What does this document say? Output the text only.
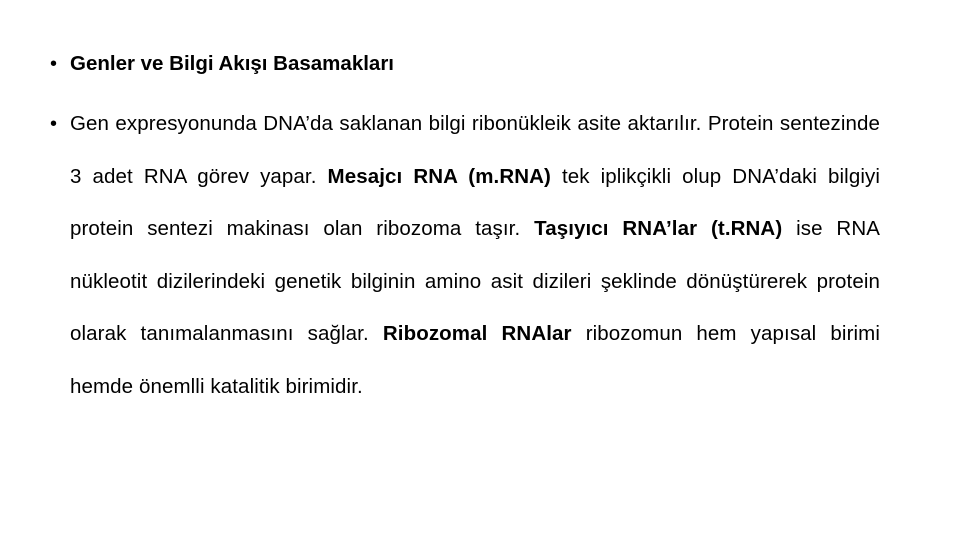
• Genler ve Bilgi Akışı Basamakları
• Gen expresyonunda DNA’da saklanan bilgi ribonükleik asite aktarılır. Protein sentezinde 3 adet RNA görev yapar. Mesajcı RNA (m.RNA) tek iplikçikli olup DNA’daki bilgiyi protein sentezi makinası olan ribozoma taşır. Taşıyıcı RNA’lar (t.RNA) ise RNA nükleotit dizilerindeki genetik bilginin amino asit dizileri şeklinde dönüştürerek protein olarak tanımalanmasını sağlar. Ribozomal RNAlar ribozomun hem yapısal birimi hemde önemlli katalitik birimidir.
